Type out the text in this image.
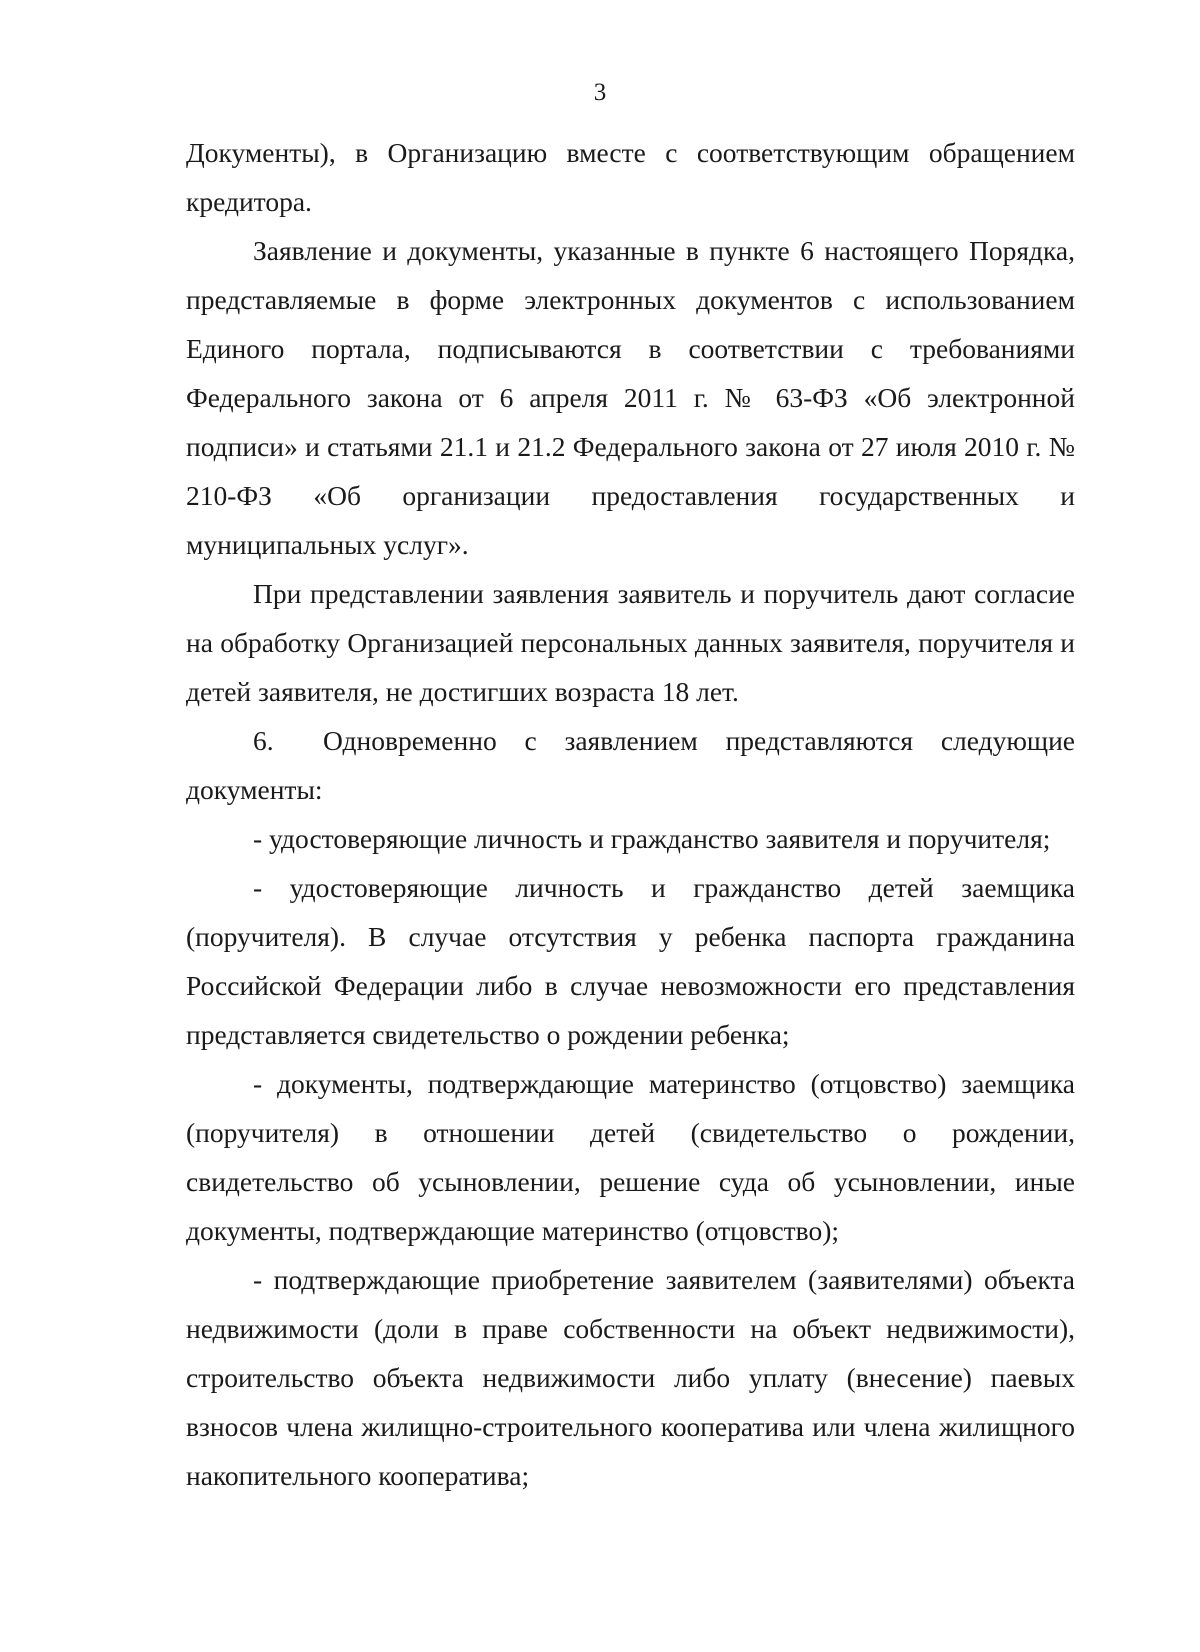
3

Документы), в Организацию вместе с соответствующим обращением кредитора.

Заявление и документы, указанные в пункте 6 настоящего Порядка, представляемые в форме электронных документов с использованием Единого портала, подписываются в соответствии с требованиями Федерального закона от 6 апреля 2011 г. № 63-ФЗ «Об электронной подписи» и статьями 21.1 и 21.2 Федерального закона от 27 июля 2010 г. № 210-ФЗ «Об организации предоставления государственных и муниципальных услуг».

При представлении заявления заявитель и поручитель дают согласие на обработку Организацией персональных данных заявителя, поручителя и детей заявителя, не достигших возраста 18 лет.

6. Одновременно с заявлением представляются следующие документы:

- удостоверяющие личность и гражданство заявителя и поручителя;

- удостоверяющие личность и гражданство детей заемщика (поручителя). В случае отсутствия у ребенка паспорта гражданина Российской Федерации либо в случае невозможности его представления представляется свидетельство о рождении ребенка;

- документы, подтверждающие материнство (отцовство) заемщика (поручителя) в отношении детей (свидетельство о рождении, свидетельство об усыновлении, решение суда об усыновлении, иные документы, подтверждающие материнство (отцовство);

- подтверждающие приобретение заявителем (заявителями) объекта недвижимости (доли в праве собственности на объект недвижимости), строительство объекта недвижимости либо уплату (внесение) паевых взносов члена жилищно-строительного кооператива или члена жилищного накопительного кооператива;
